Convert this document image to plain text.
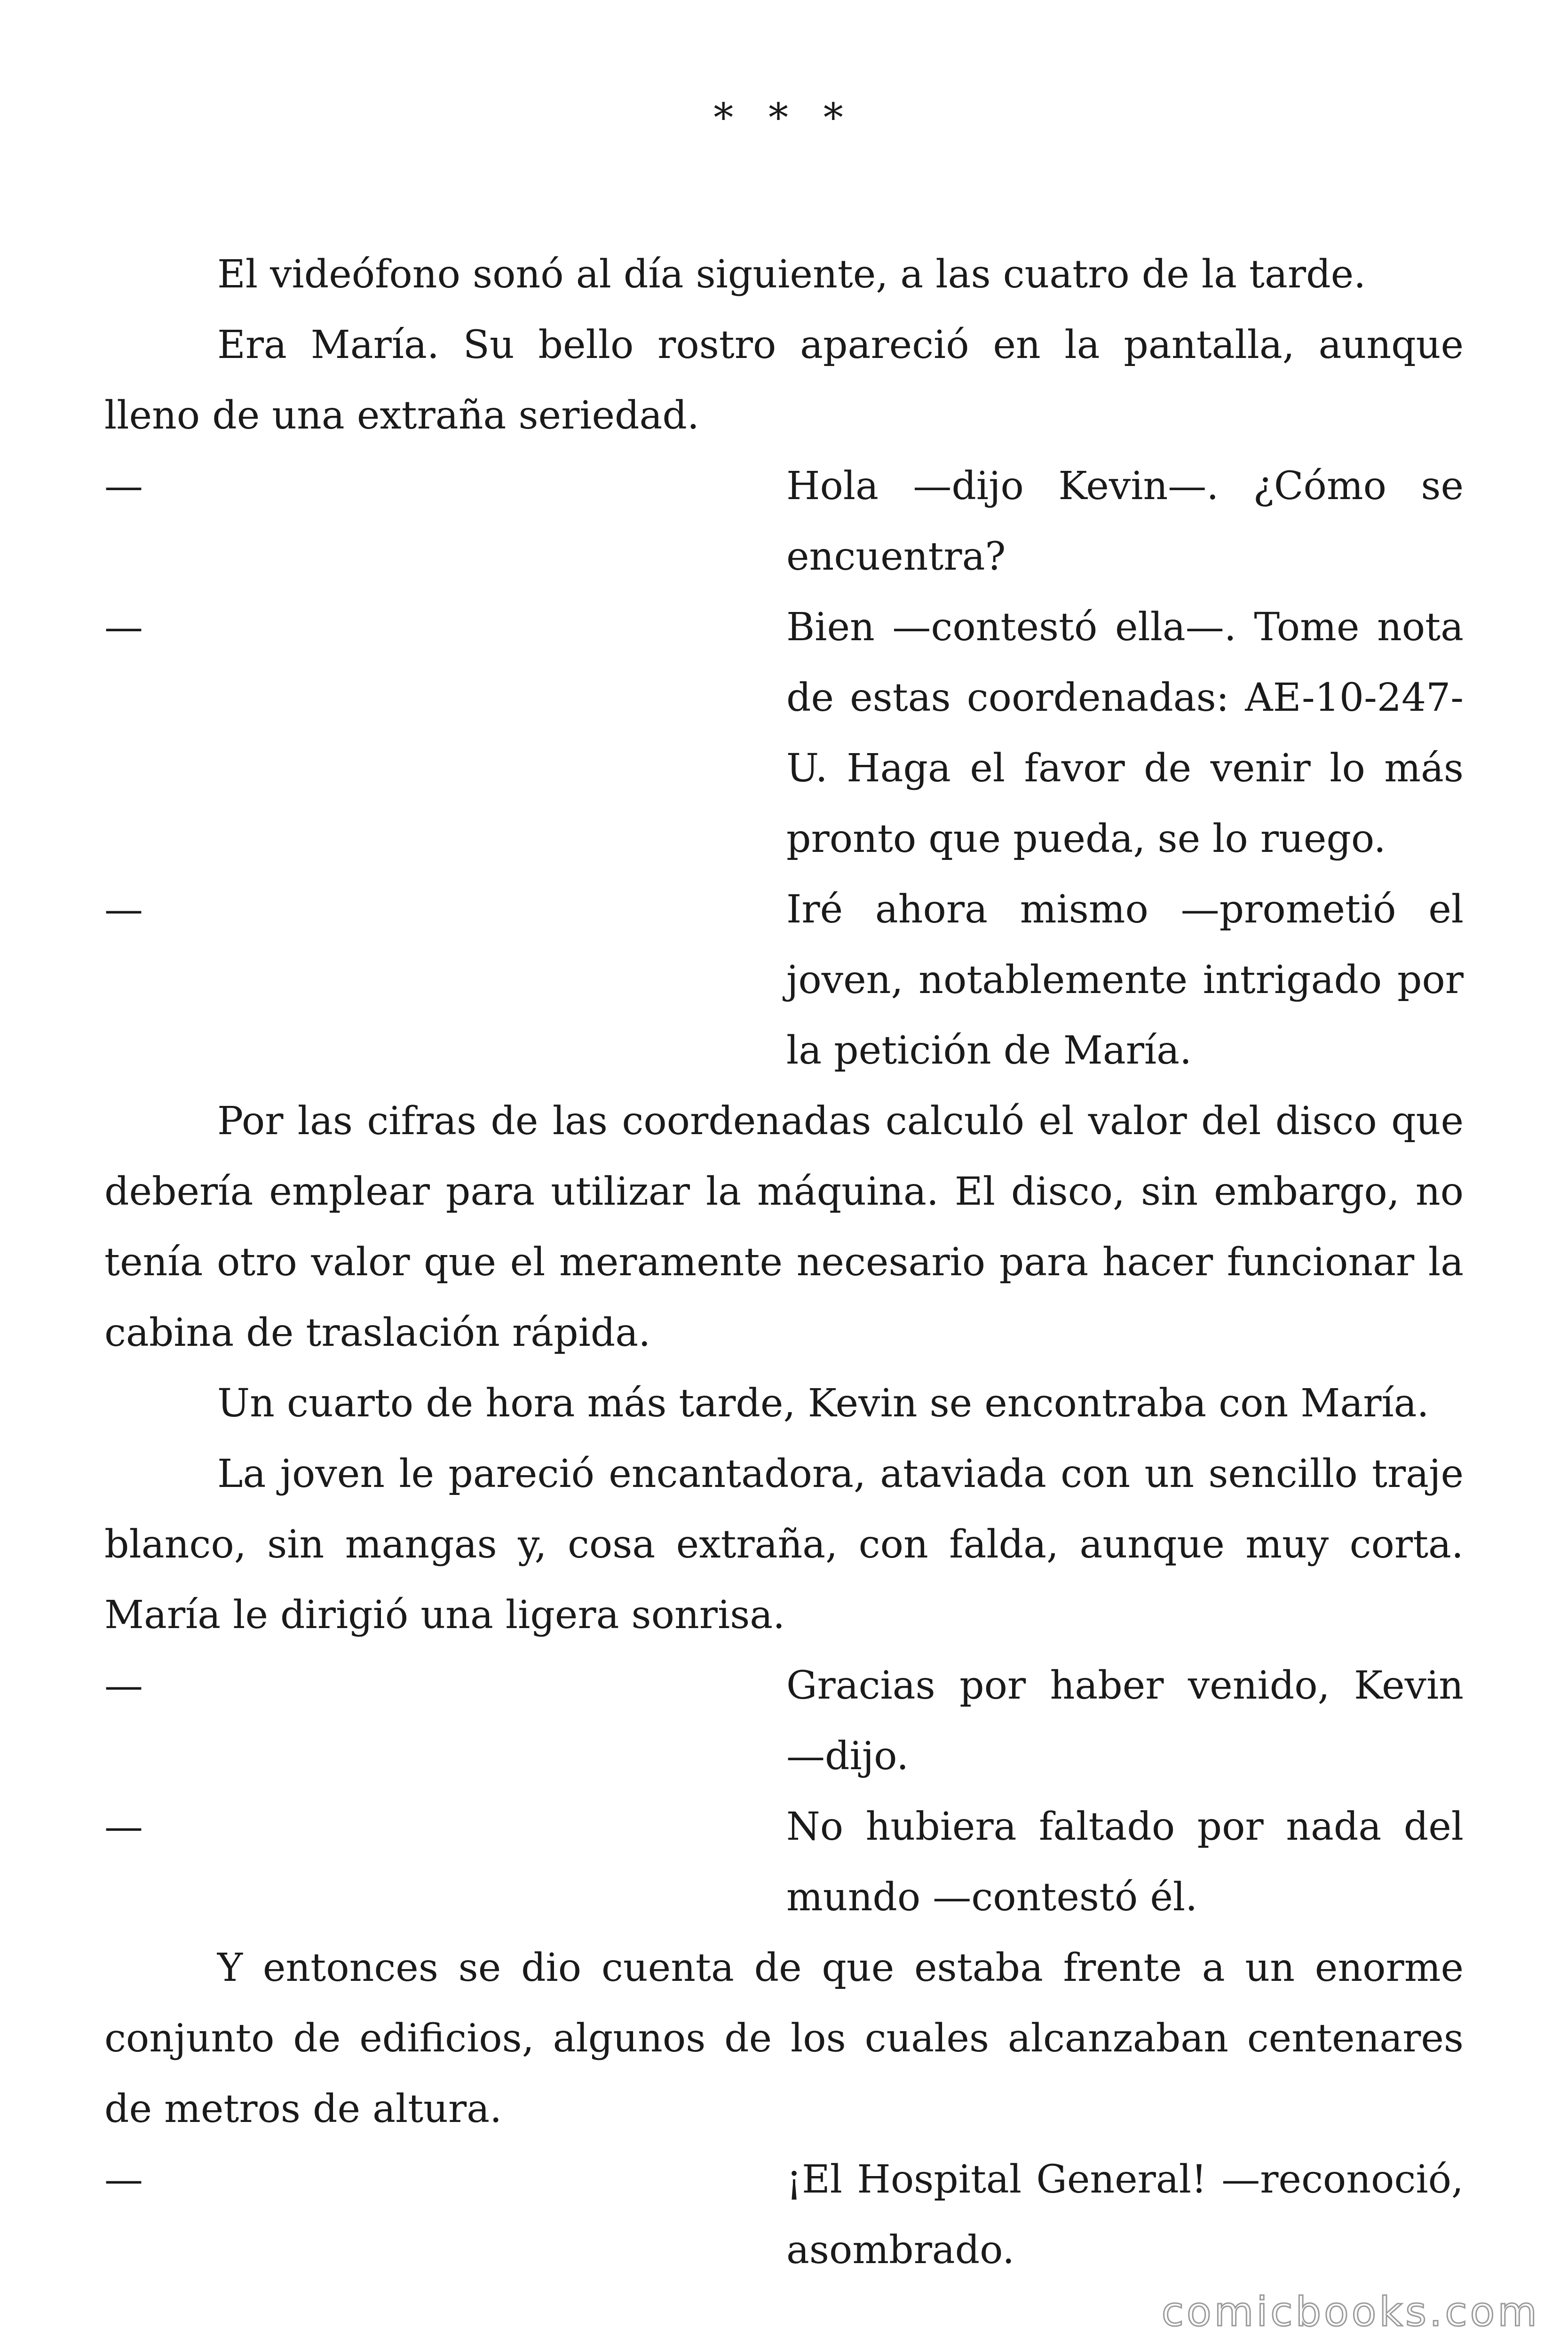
* * *

El videófono sonó al día siguiente, a las cuatro de la tarde.

Era María. Su bello rostro apareció en la pantalla, aunque lleno de una extraña seriedad.

—	Hola —dijo Kevin—. ¿Cómo se encuentra?

—	Bien —contestó ella—. Tome nota de estas coordenadas: AE-10-247-U. Haga el favor de venir lo más pronto que pueda, se lo ruego.

—	Iré ahora mismo —prometió el joven, notablemente intrigado por la petición de María.

Por las cifras de las coordenadas calculó el valor del disco que debería emplear para utilizar la máquina. El disco, sin embargo, no tenía otro valor que el meramente necesario para hacer funcionar la cabina de traslación rápida.

Un cuarto de hora más tarde, Kevin se encontraba con María.

La joven le pareció encantadora, ataviada con un sencillo traje blanco, sin mangas y, cosa extraña, con falda, aunque muy corta. María le dirigió una ligera sonrisa.

—	Gracias por haber venido, Kevin —dijo.

—	No hubiera faltado por nada del mundo —contestó él.

Y entonces se dio cuenta de que estaba frente a un enorme conjunto de edificios, algunos de los cuales alcanzaban centenares de metros de altura.

—	¡El Hospital General! —reconoció, asombrado.

comicbooks.com
